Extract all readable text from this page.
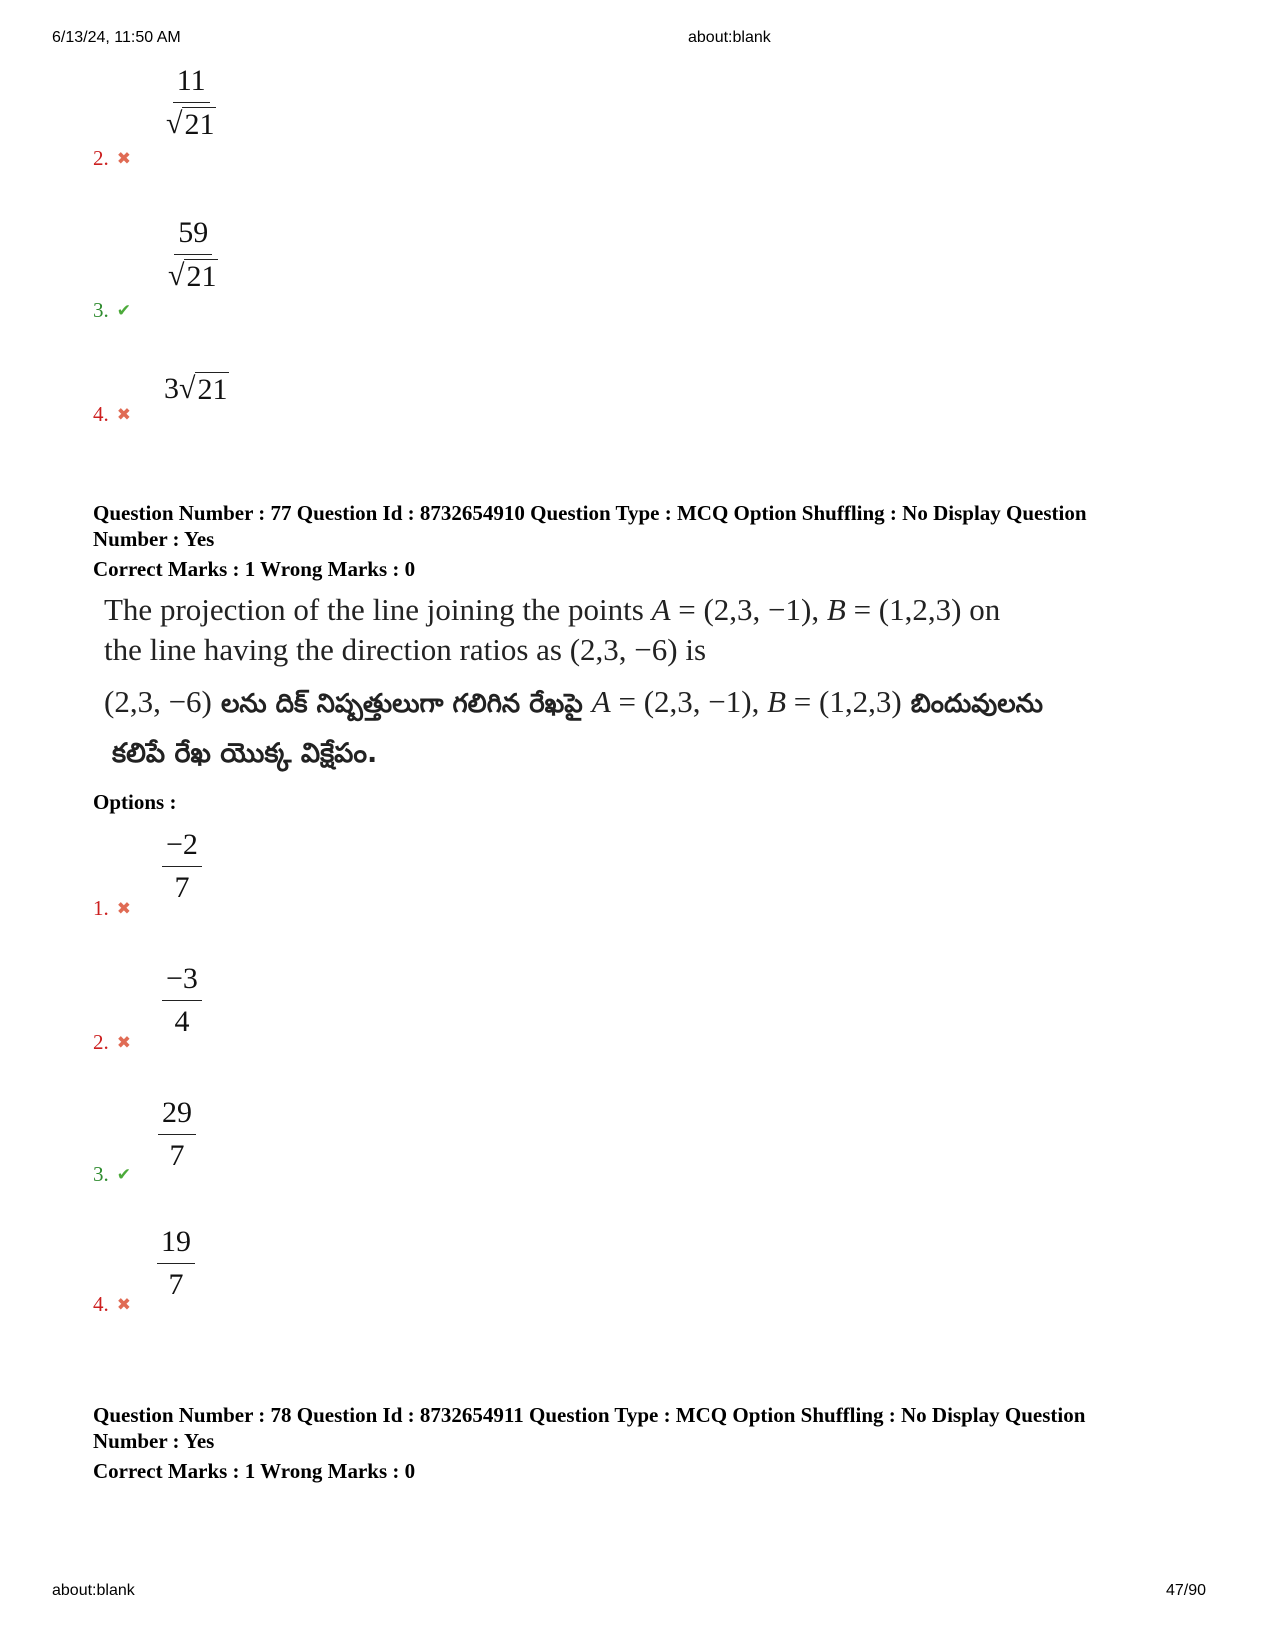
6/13/24, 11:50 AM	about:blank
2. ✖
$\frac{11}{√ 21}$
3. ✔
$\frac{59}{√ 21}$
4. ✖
3 √ 21
Question Number : 77 Question Id : 8732654910 Question Type : MCQ Option Shuffling : No Display Question
Number : Yes
Correct Marks : 1 Wrong Marks : 0
The projection of the line joining the points A = (2,3, −1), B = (1,2,3) on
the line having the direction ratios as (2,3, −6) is
(2,3, −6) లను దిక్ నిష్పత్తులుగా గలిగిన రేఖపై A = (2,3, −1), B = (1,2,3) బిందువులను
కలిపే రేఖ యొక్క విక్షేపం.
Options :
1. ✖
$\frac{-2}{7}$
2. ✖
$\frac{-3}{4}$
3. ✔
$\frac{29}{7}$
4. ✖
$\frac{19}{7}$
Question Number : 78 Question Id : 8732654911 Question Type : MCQ Option Shuffling : No Display Question
Number : Yes
Correct Marks : 1 Wrong Marks : 0
about:blank	47/90
